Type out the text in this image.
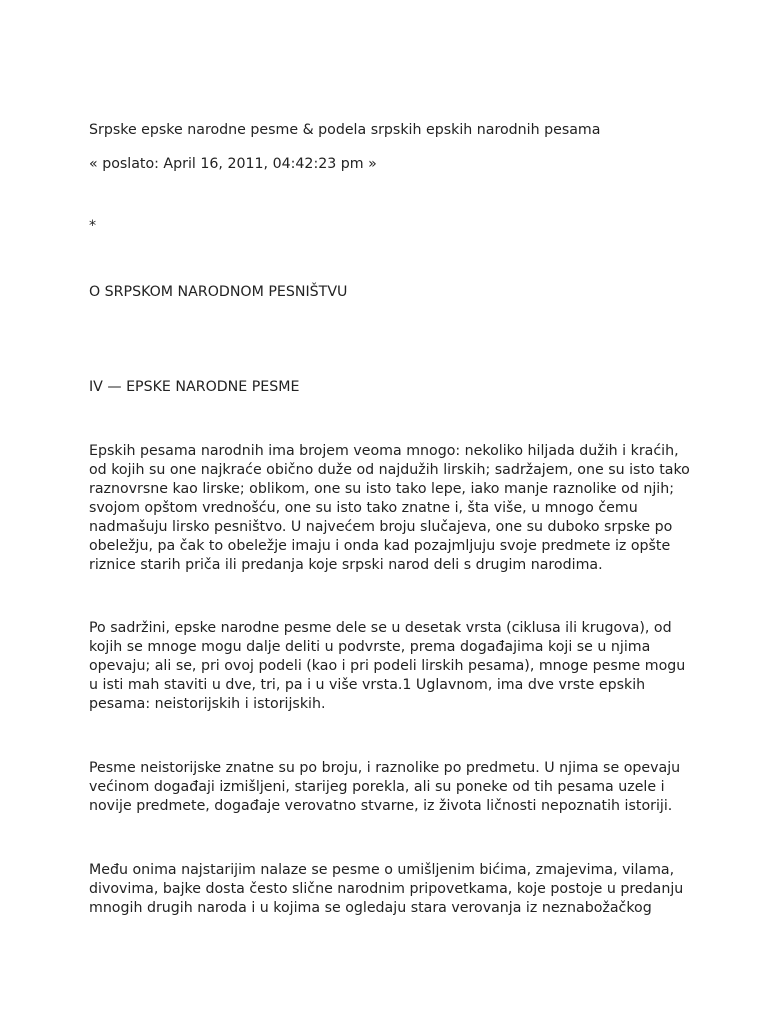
Srpske epske narodne pesme & podela srpskih epskih narodnih pesama
« poslato: April 16, 2011, 04:42:23 pm »
*
O SRPSKOM NARODNOM PESNIŠTVU
IV — EPSKE NARODNE PESME
Epskih pesama narodnih ima brojem veoma mnogo: nekoliko hiljada dužih i kraćih,
od kojih su one najkraće obično duže od najdužih lirskih; sadržajem, one su isto tako
raznovrsne kao lirske; oblikom, one su isto tako lepe, iako manje raznolike od njih;
svojom opštom vrednošću, one su isto tako znatne i, šta više, u mnogo čemu
nadmašuju lirsko pesništvo. U najvećem broju slučajeva, one su duboko srpske po
obeležju, pa čak to obeležje imaju i onda kad pozajmljuju svoje predmete iz opšte
riznice starih priča ili predanja koje srpski narod deli s drugim narodima.
Po sadržini, epske narodne pesme dele se u desetak vrsta (ciklusa ili krugova), od
kojih se mnoge mogu dalje deliti u podvrste, prema događajima koji se u njima
opevaju; ali se, pri ovoj podeli (kao i pri podeli lirskih pesama), mnoge pesme mogu
u isti mah staviti u dve, tri, pa i u više vrsta.1 Uglavnom, ima dve vrste epskih
pesama: neistorijskih i istorijskih.
Pesme neistorijske znatne su po broju, i raznolike po predmetu. U njima se opevaju
većinom događaji izmišljeni, starijeg porekla, ali su poneke od tih pesama uzele i
novije predmete, događaje verovatno stvarne, iz života ličnosti nepoznatih istoriji.
Među onima najstarijim nalaze se pesme o umišljenim bićima, zmajevima, vilama,
divovima, bajke dosta često slične narodnim pripovetkama, koje postoje u predanju
mnogih drugih naroda i u kojima se ogledaju stara verovanja iz neznabožačkog
